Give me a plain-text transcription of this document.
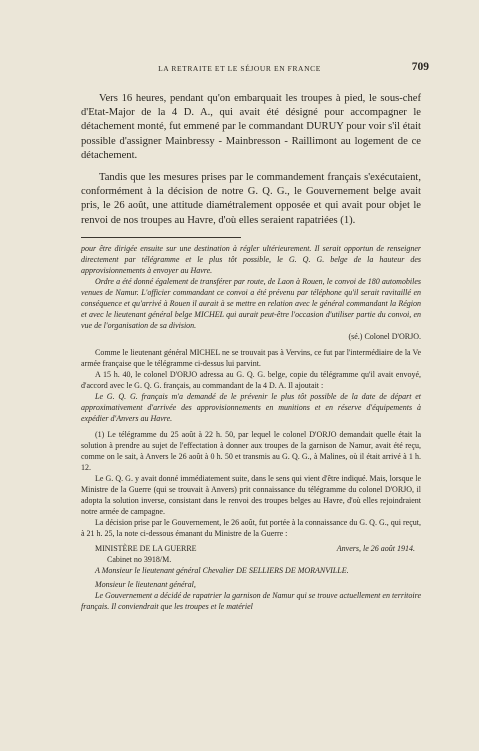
LA RETRAITE ET LE SÉJOUR EN FRANCE	709

Vers 16 heures, pendant qu'on embarquait les troupes à pied, le sous-chef d'Etat-Major de la 4 D. A., qui avait été désigné pour accompagner le détachement monté, fut emmené par le commandant DURUY pour voir s'il était possible d'assigner Mainbressy - Mainbresson - Raillimont au logement de ce détachement.

Tandis que les mesures prises par le commandement français s'exécutaient, conformément à la décision de notre G. Q. G., le Gouvernement belge avait pris, le 26 août, une attitude diamétralement opposée et qui avait pour objet le renvoi de nos troupes au Havre, d'où elles seraient rapatriées (1).

pour être dirigée ensuite sur une destination à régler ultérieurement. Il serait opportun de renseigner directement par télégramme et le plus tôt possible, le G. Q. G. belge de la hauteur des approvisionnements à envoyer au Havre.

Ordre a été donné également de transférer par route, de Laon à Rouen, le convoi de 180 automobiles venues de Namur. L'officier commandant ce convoi a été prévenu par téléphone qu'il serait ravitaillé en conséquence et qu'arrivé à Rouen il aurait à se mettre en relation avec le général commandant la Région et avec le lieutenant général belge MICHEL qui aurait peut-être l'occasion d'utiliser partie du convoi, en vue de l'organisation de sa division.

(sé.) Colonel D'ORJO.

Comme le lieutenant général MICHEL ne se trouvait pas à Vervins, ce fut par l'intermédiaire de la Ve armée française que le télégramme ci-dessus lui parvint.

A 15 h. 40, le colonel D'ORJO adressa au G. Q. G. belge, copie du télégramme qu'il avait envoyé, d'accord avec le G. Q. G. français, au commandant de la 4 D. A. Il ajoutait :

Le G. Q. G. français m'a demandé de le prévenir le plus tôt possible de la date de départ et approximativement d'arrivée des approvisionnements en munitions et en réserve d'équipements à expédier d'Anvers au Havre.

(1) Le télégramme du 25 août à 22 h. 50, par lequel le colonel D'ORJO demandait quelle était la solution à prendre au sujet de l'effectation à donner aux troupes de la garnison de Namur, avait été reçu, comme on le sait, à Anvers le 26 août à 0 h. 50 et transmis au G. Q. G., à Malines, où il était arrivé à 1 h. 12.

Le G. Q. G. y avait donné immédiatement suite, dans le sens qui vient d'être indiqué. Mais, lorsque le Ministre de la Guerre (qui se trouvait à Anvers) prit connaissance du télégramme du colonel D'ORJO, il adopta la solution inverse, consistant dans le renvoi des troupes belges au Havre, d'où elles rejoindraient notre armée de campagne.

La décision prise par le Gouvernement, le 26 août, fut portée à la connaissance du G. Q. G., qui reçut, à 21 h. 25, la note ci-dessous émanant du Ministre de la Guerre :

MINISTÈRE DE LA GUERRE	Anvers, le 26 août 1914.
Cabinet no 3918/M.

A Monsieur le lieutenant général Chevalier DE SELLIERS DE MORANVILLE.

Monsieur le lieutenant général,

Le Gouvernement a décidé de rapatrier la garnison de Namur qui se trouve actuellement en territoire français. Il conviendrait que les troupes et le matériel
